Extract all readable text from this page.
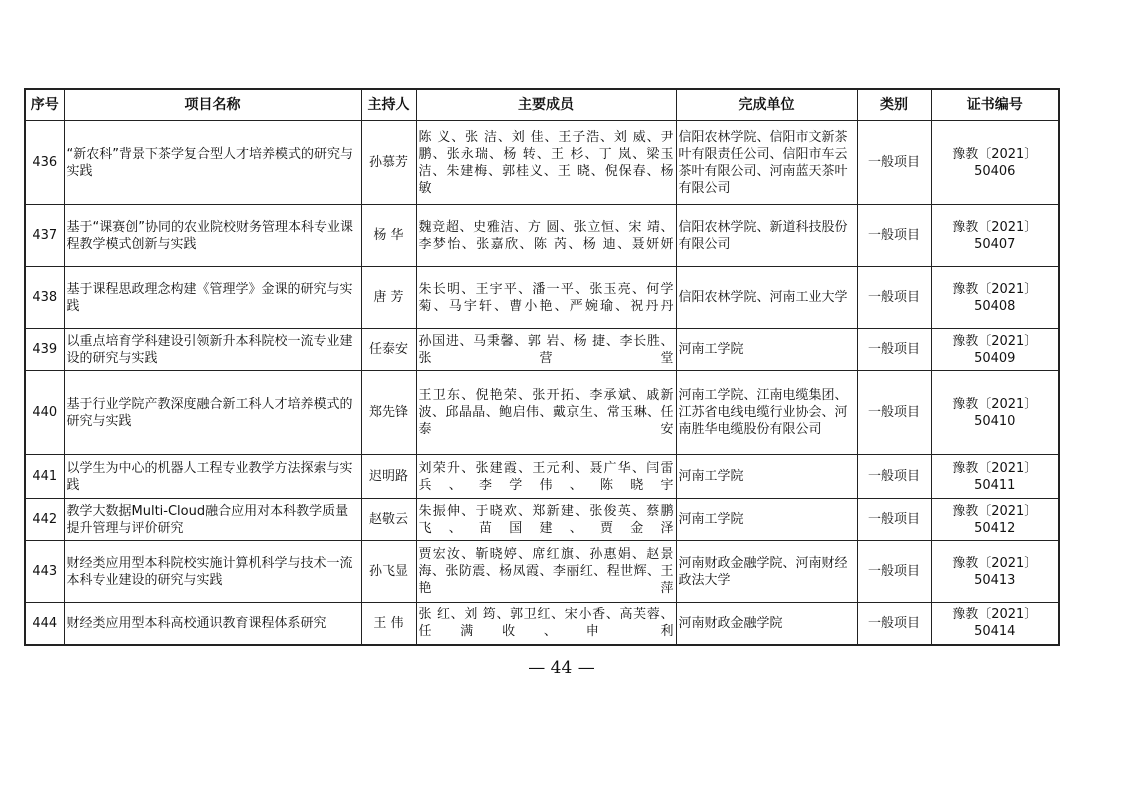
序号	项目名称	主持人	主要成员	完成单位	类别	证书编号
436	“新农科”背景下茶学复合型人才培养模式的研究与实践	孙慕芳	陈 义、张 洁、刘 佳、王子浩、刘 威、尹 鹏、张永瑞、杨 转、王 杉、丁 岚、梁玉洁、朱建梅、郭桂义、王 晓、倪保春、杨 敏	信阳农林学院、信阳市文新茶叶有限责任公司、信阳市车云茶叶有限公司、河南蓝天茶叶有限公司	一般项目	豫教〔2021〕50406
437	基于“课赛创”协同的农业院校财务管理本科专业课程教学模式创新与实践	杨 华	魏竞超、史雅洁、方 圆、张立恒、宋 靖、李梦怡、张嘉欣、陈 芮、杨 迪、聂妍妍	信阳农林学院、新道科技股份有限公司	一般项目	豫教〔2021〕50407
438	基于课程思政理念构建《管理学》金课的研究与实践	唐 芳	朱长明、王宇平、潘一平、张玉亮、何学菊、马宇轩、曹小艳、严婉瑜、祝丹丹	信阳农林学院、河南工业大学	一般项目	豫教〔2021〕50408
439	以重点培育学科建设引领新升本科院校一流专业建设的研究与实践	任泰安	孙国进、马秉馨、郭 岩、杨 捷、李长胜、张营堂	河南工学院	一般项目	豫教〔2021〕50409
440	基于行业学院产教深度融合新工科人才培养模式的研究与实践	郑先锋	王卫东、倪艳荣、张开拓、李承斌、戚新波、邱晶晶、鲍启伟、戴京生、常玉琳、任泰安	河南工学院、江南电缆集团、江苏省电线电缆行业协会、河南胜华电缆股份有限公司	一般项目	豫教〔2021〕50410
441	以学生为中心的机器人工程专业教学方法探索与实践	迟明路	刘荣升、张建霞、王元利、聂广华、闫雷兵、李学伟、陈晓宇	河南工学院	一般项目	豫教〔2021〕50411
442	教学大数据Multi-Cloud融合应用对本科教学质量提升管理与评价研究	赵敬云	朱振伸、于晓欢、郑新建、张俊英、蔡鹏飞、苗国建、贾金泽	河南工学院	一般项目	豫教〔2021〕50412
443	财经类应用型本科院校实施计算机科学与技术一流本科专业建设的研究与实践	孙飞显	贾宏汝、靳晓婷、席红旗、孙惠娟、赵景海、张防震、杨凤霞、李丽红、程世辉、王艳萍	河南财政金融学院、河南财经政法大学	一般项目	豫教〔2021〕50413
444	财经类应用型本科高校通识教育课程体系研究	王 伟	张 红、刘 筠、郭卫红、宋小香、高芙蓉、任满收、申 利	河南财政金融学院	一般项目	豫教〔2021〕50414
— 44 —
